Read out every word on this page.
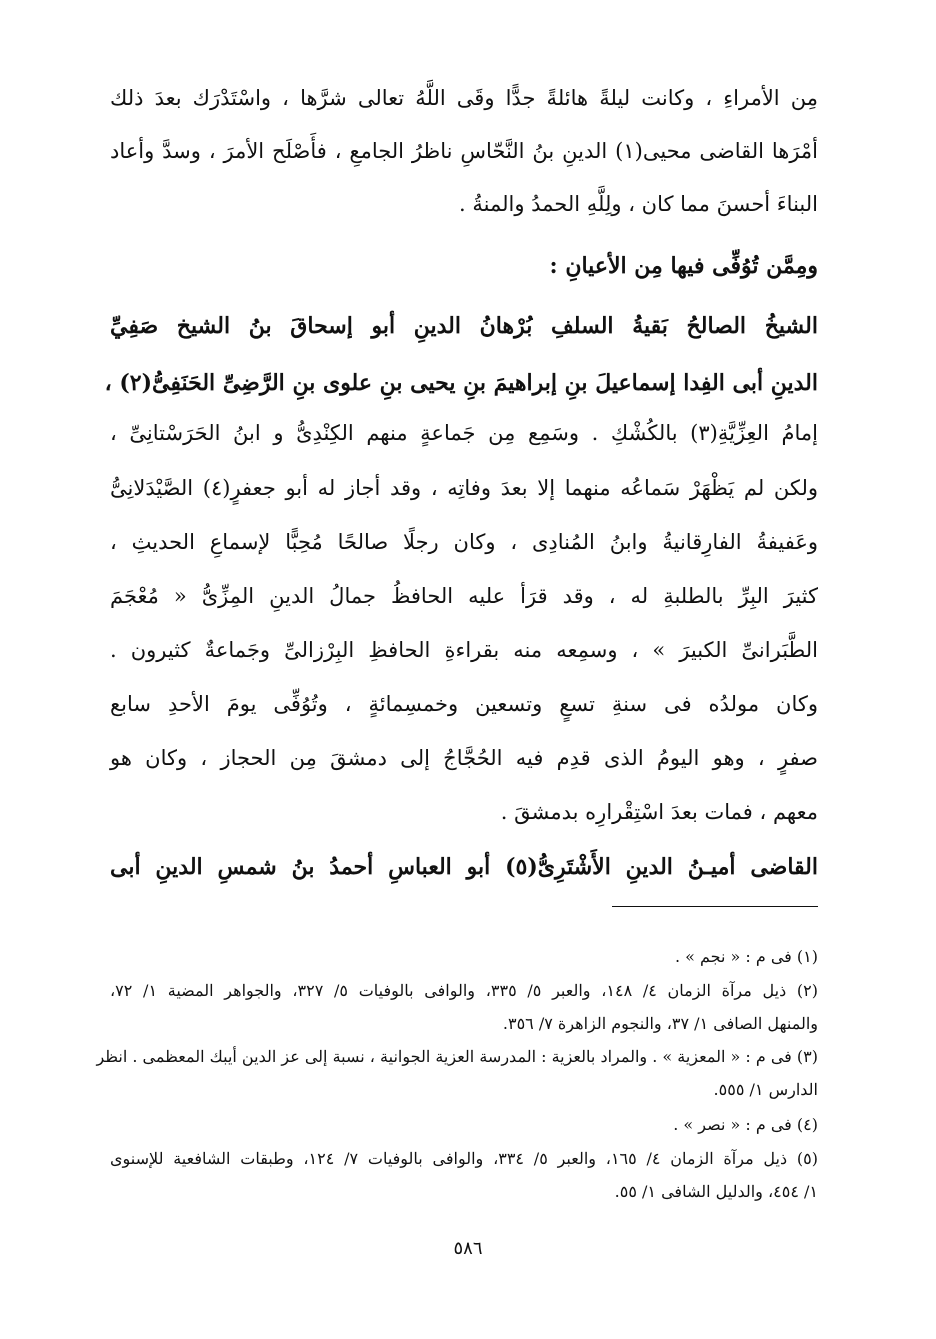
مِن الأمراءِ ، وكانت ليلةً هائلةً جدًّا وقَى اللَّهُ تعالى شرَّها ، واسْتَدْرَك بعدَ ذلك
أمْرَها القاضى محيى(١) الدينِ بنُ النَّحّاسِ ناظرُ الجامعِ ، فأَصْلَح الأمرَ ، وسدَّ وأعاد
البناءَ أحسنَ مما كان ، ولِلَّهِ الحمدُ والمنةُ .
ومِمَّن تُوُفِّى فيها مِن الأعيانِ :
الشيخُ الصالحُ بَقيةُ السلفِ بُرْهانُ الدينِ أبو إسحاقَ بنُ الشيخ صَفِيِّ
الدينِ أبى الفِدا إسماعيلَ بنِ إبراهيمَ بنِ يحيى بنِ علوى بنِ الرَّضِىِّ الحَنَفِىُّ(٢) ،
إمامُ العِزِّيَّةِ(٣) بالكُشْكِ . وسَمِع مِن جَماعةٍ منهم الكِنْدِىُّ و ابنُ الحَرَسْتانِىِّ ،
ولكن لم يَظْهَرْ سَماعُه منهما إلا بعدَ وفاتِه ، وقد أجاز له أبو جعفرٍ(٤) الصَّيْدَلانِىُّ
وعَفيفةُ الفارِقانيةُ وابنُ المُنادِى ، وكان رجلًا صالحًا مُحِبًّا لإسماعِ الحديثِ ،
كثيرَ البِرِّ بالطلبةِ له ، وقد قرَأ عليه الحافظُ جمالُ الدينِ المِزِّىُّ « مُعْجَمَ
الطَّبَرانىِّ الكبيرَ » ، وسمِعه منه بقراءةِ الحافظِ البِرْزالىِّ وجَماعةٌ كثيرون .
وكان مولدُه فى سنةِ تسعٍ وتسعين وخمسِمائةٍ ، وتُوُفِّى يومَ الأحدِ سابع
صفرٍ ، وهو اليومُ الذى قدِم فيه الحُجَّاجُ إلى دمشقَ مِن الحجاز ، وكان هو
معهم ، فمات بعدَ اسْتِقْرارِه بدمشقَ .
القاضى أميـنُ الدينِ الأَشْتَرِىُّ(٥) أبو العباسِ أحمدُ بنُ شمسِ الدينِ أبى
(١) فى م : « نجم » .
(٢) ذيل مرآة الزمان ٤/ ١٤٨، والعبر ٥/ ٣٣٥، والوافى بالوفيات ٥/ ٣٢٧، والجواهر المضية ١/ ٧٢،
والمنهل الصافى ١/ ٣٧، والنجوم الزاهرة ٧/ ٣٥٦.
(٣) فى م : « المعزية » . والمراد بالعزية : المدرسة العزية الجوانية ، نسبة إلى عز الدين أيبك المعظمى . انظر
الدارس ١/ ٥٥٥.
(٤) فى م : « نصر » .
(٥) ذيل مرآة الزمان ٤/ ١٦٥، والعبر ٥/ ٣٣٤، والوافى بالوفيات ٧/ ١٢٤، وطبقات الشافعية للإسنوى
١/ ٤٥٤، والدليل الشافى ١/ ٥٥.
٥٨٦
